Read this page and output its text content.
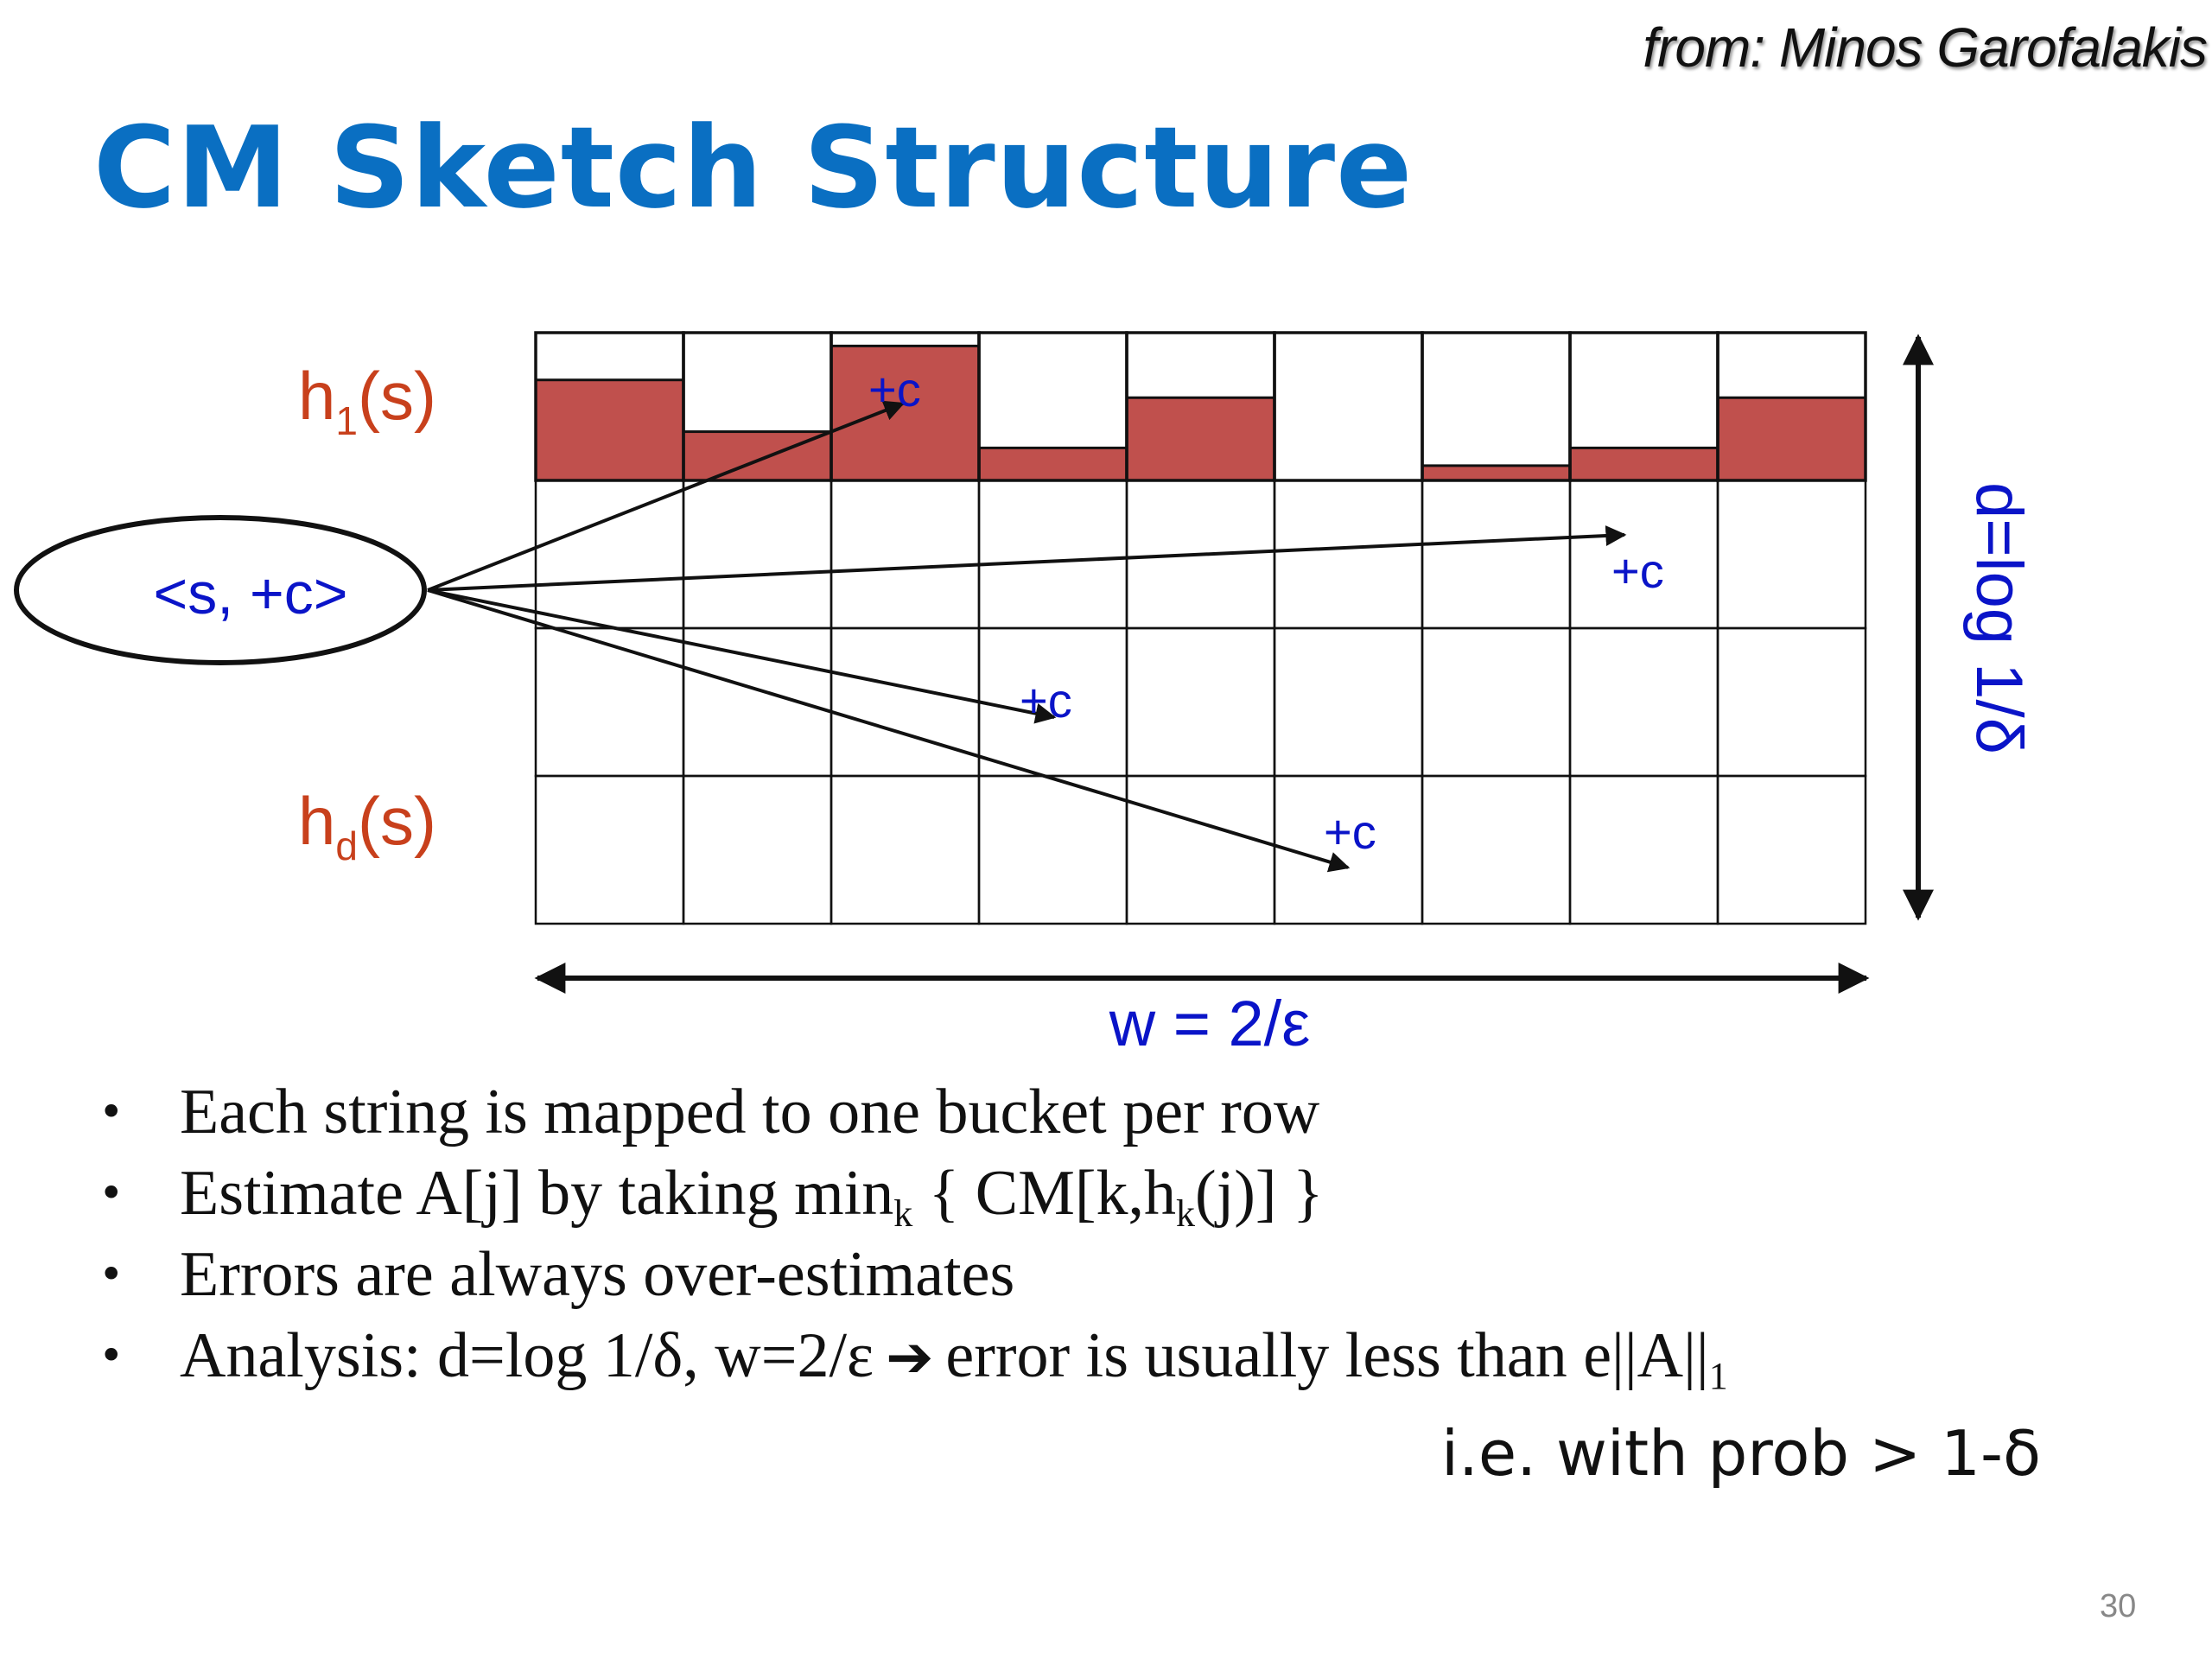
from: Minos Garofalakis
CM Sketch Structure
$h_1(s)$
$h_d(s)$
<s, +c>
+c
+c
+c
+c
w = 2/ε
d=log 1/δ
• Each string is mapped to one bucket per row
• Estimate A[j] by taking $\min_k$ { $CM[k,h_k(j)]$ }
• Errors are always over-estimates
• Analysis: d=log 1/δ, w=2/ε ➔ error is usually less than $e||A||_1$
i.e. with prob > 1-δ
30
